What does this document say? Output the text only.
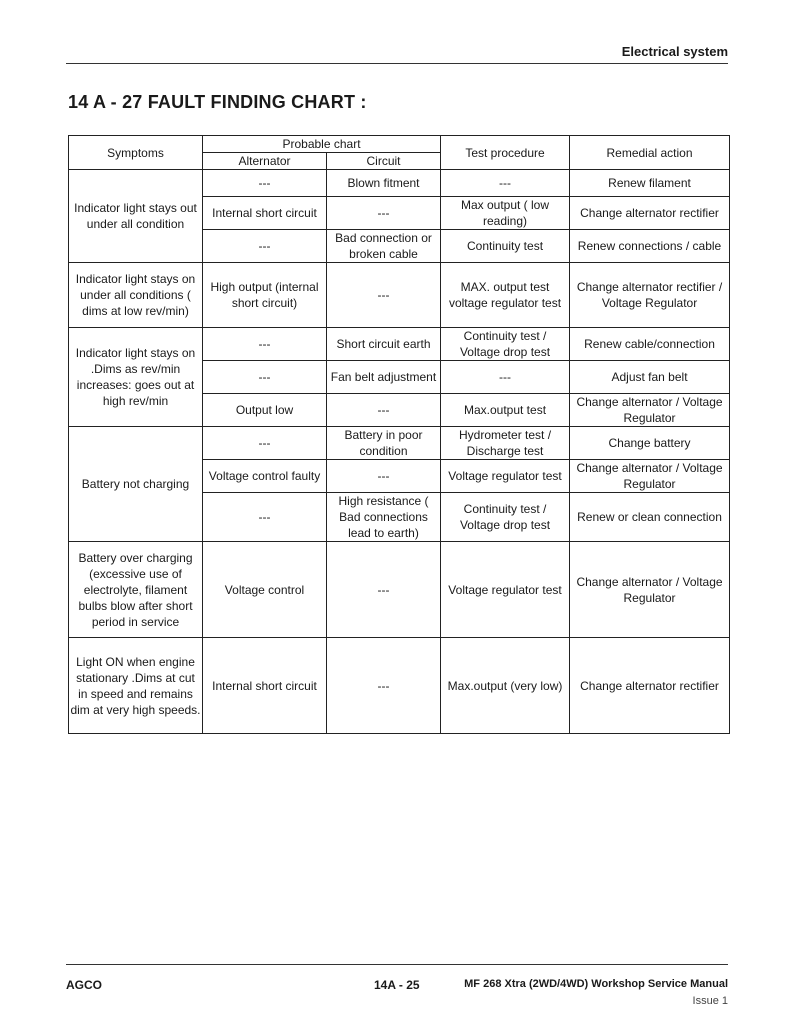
Electrical system
14 A - 27 FAULT FINDING CHART :
Symptoms	Probable chart		Test procedure	Remedial action
	Alternator	Circuit		
Indicator light stays out under all condition	---	Blown fitment	---	Renew filament
	Internal short circuit	---	Max output ( low reading)	Change alternator rectifier
	---	Bad connection or broken cable	Continuity test	Renew connections / cable
Indicator light stays on under all conditions ( dims at low rev/min)	High output (internal short circuit)	---	MAX. output test voltage regulator test	Change alternator rectifier / Voltage Regulator
Indicator light stays on .Dims as rev/min increases: goes out at high rev/min	---	Short circuit earth	Continuity test / Voltage drop test	Renew cable/connection
	---	Fan belt adjustment	---	Adjust fan belt
	Output low	---	Max.output test	Change alternator / Voltage Regulator
Battery not charging	---	Battery in poor condition	Hydrometer test / Discharge test	Change battery
	Voltage control faulty	---	Voltage regulator test	Change alternator / Voltage Regulator
	---	High resistance ( Bad connections lead to earth)	Continuity test / Voltage drop test	Renew or clean connection
Battery over charging (excessive use of electrolyte, filament bulbs blow after short period in service	Voltage control	---	Voltage regulator test	Change alternator / Voltage Regulator
Light ON when engine stationary .Dims at cut in speed and remains dim at very high speeds.	Internal short circuit	---	Max.output (very low)	Change alternator rectifier
AGCO	14A - 25	MF 268 Xtra (2WD/4WD) Workshop Service Manual
Issue 1
